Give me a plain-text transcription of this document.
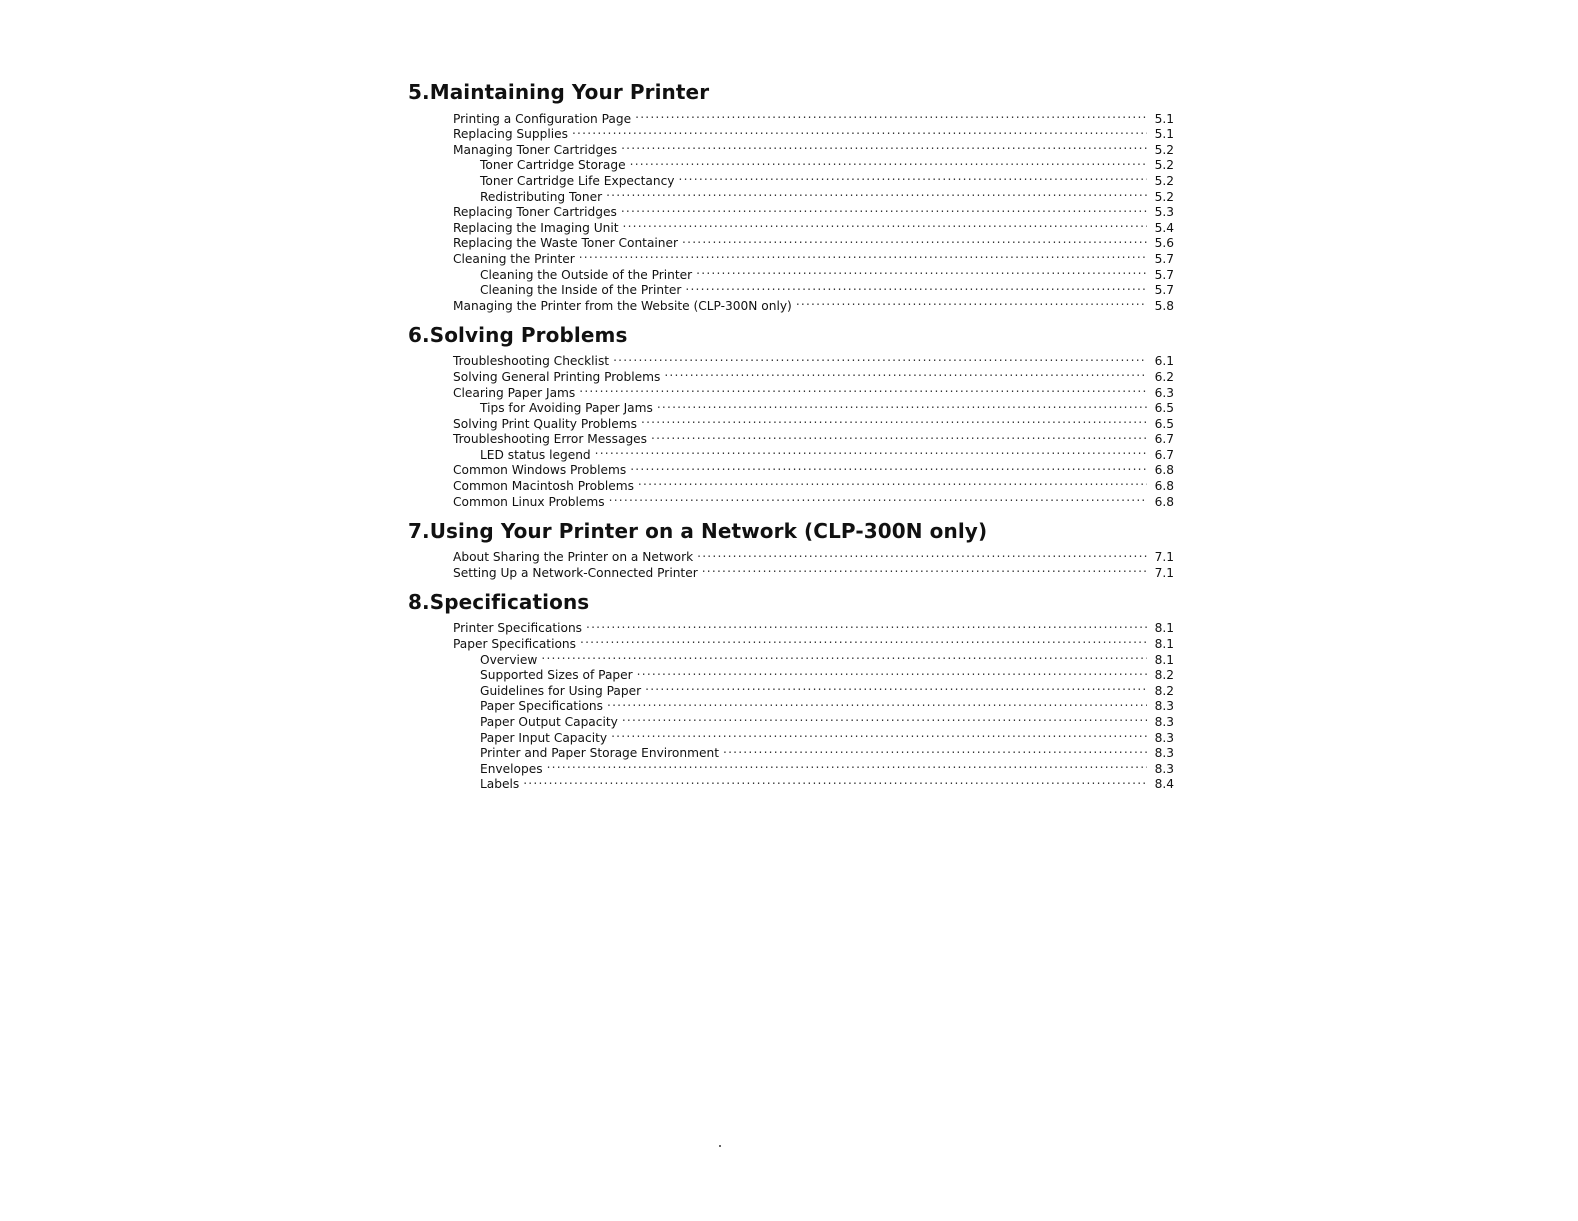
5.Maintaining Your Printer
Printing a Configuration Page .....	5.1
Replacing Supplies .....	5.1
Managing Toner Cartridges .....	5.2
Toner Cartridge Storage .....	5.2
Toner Cartridge Life Expectancy .....	5.2
Redistributing Toner .....	5.2
Replacing Toner Cartridges .....	5.3
Replacing the Imaging Unit .....	5.4
Replacing the Waste Toner Container .....	5.6
Cleaning the Printer .....	5.7
Cleaning the Outside of the Printer .....	5.7
Cleaning the Inside of the Printer .....	5.7
Managing the Printer from the Website (CLP-300N only) .....	5.8
6.Solving Problems
Troubleshooting Checklist .....	6.1
Solving General Printing Problems .....	6.2
Clearing Paper Jams .....	6.3
Tips for Avoiding Paper Jams .....	6.5
Solving Print Quality Problems .....	6.5
Troubleshooting Error Messages .....	6.7
LED status legend .....	6.7
Common Windows Problems .....	6.8
Common Macintosh Problems .....	6.8
Common Linux Problems .....	6.8
7.Using Your Printer on a Network (CLP-300N only)
About Sharing the Printer on a Network .....	7.1
Setting Up a Network-Connected Printer .....	7.1
8.Specifications
Printer Specifications .....	8.1
Paper Specifications .....	8.1
Overview .....	8.1
Supported Sizes of Paper .....	8.2
Guidelines for Using Paper .....	8.2
Paper Specifications .....	8.3
Paper Output Capacity .....	8.3
Paper Input Capacity .....	8.3
Printer and Paper Storage Environment .....	8.3
Envelopes .....	8.3
Labels .....	8.4
